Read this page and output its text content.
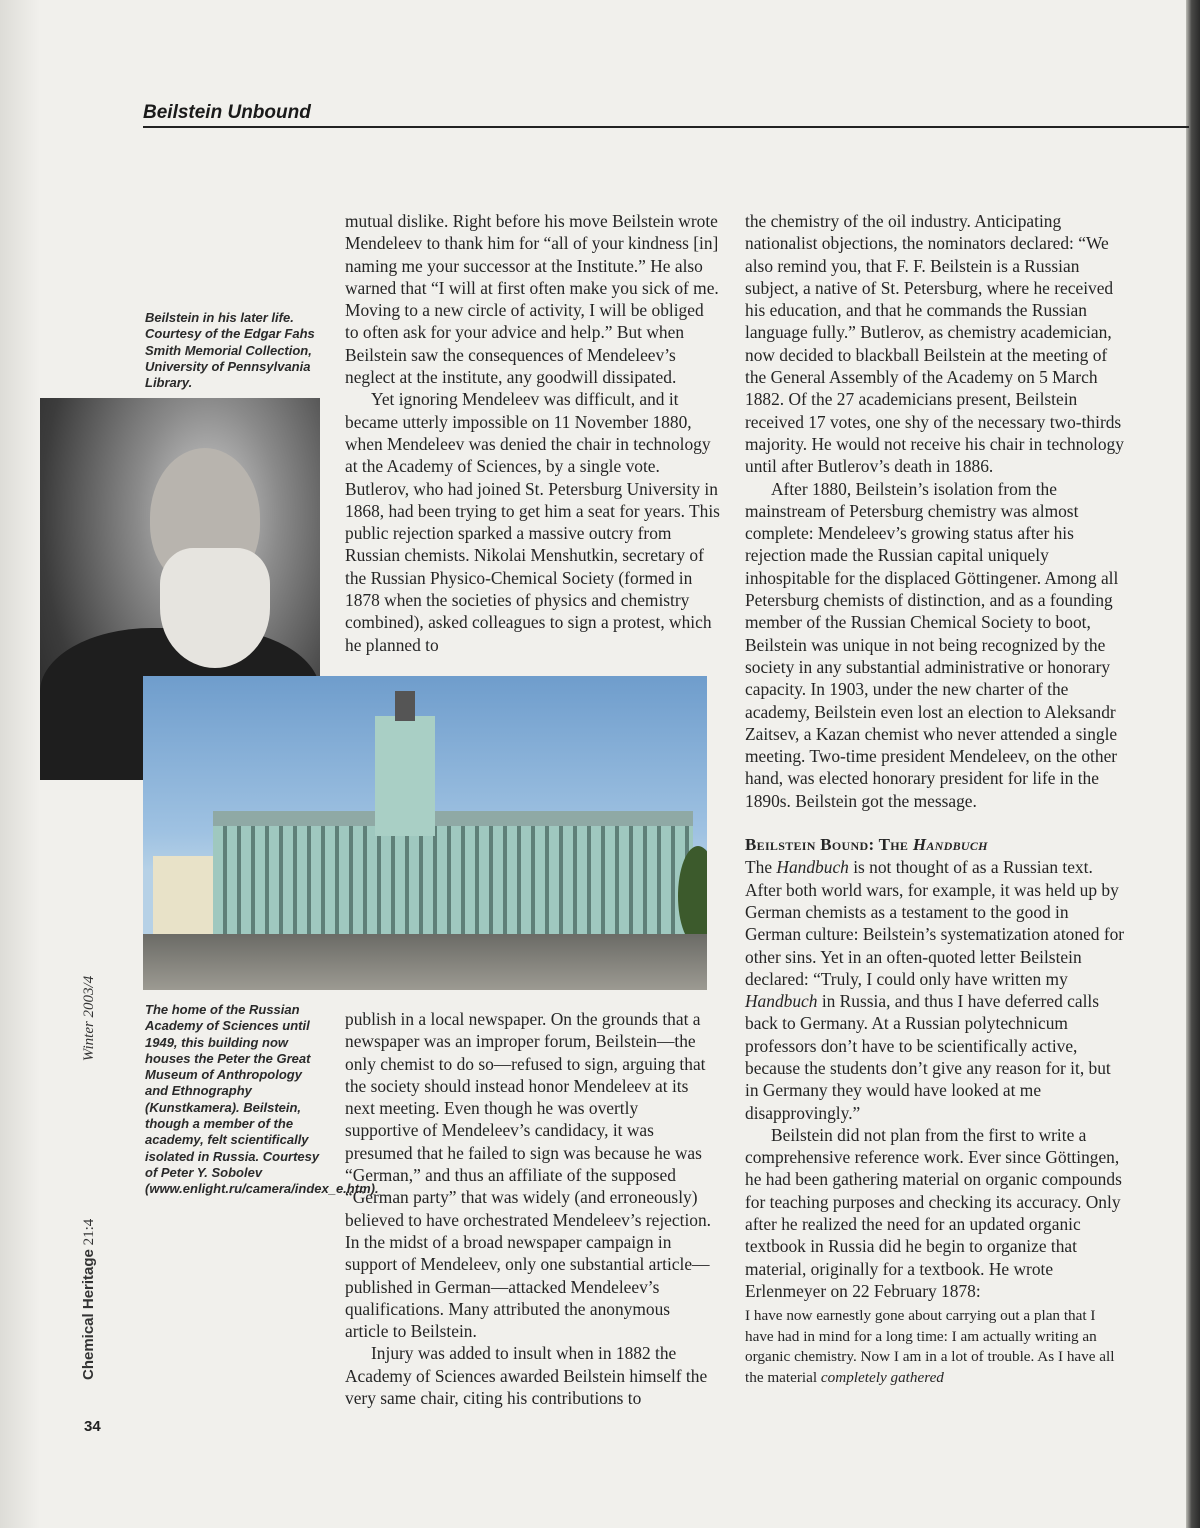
Beilstein Unbound
Beilstein in his later life. Courtesy of the Edgar Fahs Smith Memorial Collection, University of Pennsylvania Library.
The home of the Russian Academy of Sciences until 1949, this building now houses the Peter the Great Museum of Anthropology and Ethnography (Kunstkamera). Beilstein, though a member of the academy, felt scientifically isolated in Russia. Courtesy of Peter Y. Sobolev (www.enlight.ru/camera/index_e.htm).

mutual dislike. Right before his move Beilstein wrote Mendeleev to thank him for “all of your kindness [in] naming me your successor at the Institute.” He also warned that “I will at first often make you sick of me. Moving to a new circle of activity, I will be obliged to often ask for your advice and help.” But when Beilstein saw the consequences of Mendeleev’s neglect at the institute, any goodwill dissipated.

Yet ignoring Mendeleev was difficult, and it became utterly impossible on 11 November 1880, when Mendeleev was denied the chair in technology at the Academy of Sciences, by a single vote. Butlerov, who had joined St. Petersburg University in 1868, had been trying to get him a seat for years. This public rejection sparked a massive outcry from Russian chemists. Nikolai Menshutkin, secretary of the Russian Physico-Chemical Society (formed in 1878 when the societies of physics and chemistry combined), asked colleagues to sign a protest, which he planned to

publish in a local newspaper. On the grounds that a newspaper was an improper forum, Beilstein—the only chemist to do so—refused to sign, arguing that the society should instead honor Mendeleev at its next meeting. Even though he was overtly supportive of Mendeleev’s candidacy, it was presumed that he failed to sign was because he was “German,” and thus an affiliate of the supposed “German party” that was widely (and erroneously) believed to have orchestrated Mendeleev’s rejection. In the midst of a broad newspaper campaign in support of Mendeleev, only one substantial article—published in German—attacked Mendeleev’s qualifications. Many attributed the anonymous article to Beilstein.

Injury was added to insult when in 1882 the Academy of Sciences awarded Beilstein himself the very same chair, citing his contributions to

the chemistry of the oil industry. Anticipating nationalist objections, the nominators declared: “We also remind you, that F. F. Beilstein is a Russian subject, a native of St. Petersburg, where he received his education, and that he commands the Russian language fully.” Butlerov, as chemistry academician, now decided to blackball Beilstein at the meeting of the General Assembly of the Academy on 5 March 1882. Of the 27 academicians present, Beilstein received 17 votes, one shy of the necessary two-thirds majority. He would not receive his chair in technology until after Butlerov’s death in 1886.

After 1880, Beilstein’s isolation from the mainstream of Petersburg chemistry was almost complete: Mendeleev’s growing status after his rejection made the Russian capital uniquely inhospitable for the displaced Göttingener. Among all Petersburg chemists of distinction, and as a founding member of the Russian Chemical Society to boot, Beilstein was unique in not being recognized by the society in any substantial administrative or honorary capacity. In 1903, under the new charter of the academy, Beilstein even lost an election to Aleksandr Zaitsev, a Kazan chemist who never attended a single meeting. Two-time president Mendeleev, on the other hand, was elected honorary president for life in the 1890s. Beilstein got the message.

Beilstein Bound: The Handbuch

The Handbuch is not thought of as a Russian text. After both world wars, for example, it was held up by German chemists as a testament to the good in German culture: Beilstein’s systematization atoned for other sins. Yet in an often-quoted letter Beilstein declared: “Truly, I could only have written my Handbuch in Russia, and thus I have deferred calls back to Germany. At a Russian polytechnicum professors don’t have to be scientifically active, because the students don’t give any reason for it, but in Germany they would have looked at me disapprovingly.”

Beilstein did not plan from the first to write a comprehensive reference work. Ever since Göttingen, he had been gathering material on organic compounds for teaching purposes and checking its accuracy. Only after he realized the need for an updated organic textbook in Russia did he begin to organize that material, originally for a textbook. He wrote Erlenmeyer on 22 February 1878:

I have now earnestly gone about carrying out a plan that I have had in mind for a long time: I am actually writing an organic chemistry. Now I am in a lot of trouble. As I have all the material completely gathered

Chemical Heritage 21:4  Winter 2003/4
34
